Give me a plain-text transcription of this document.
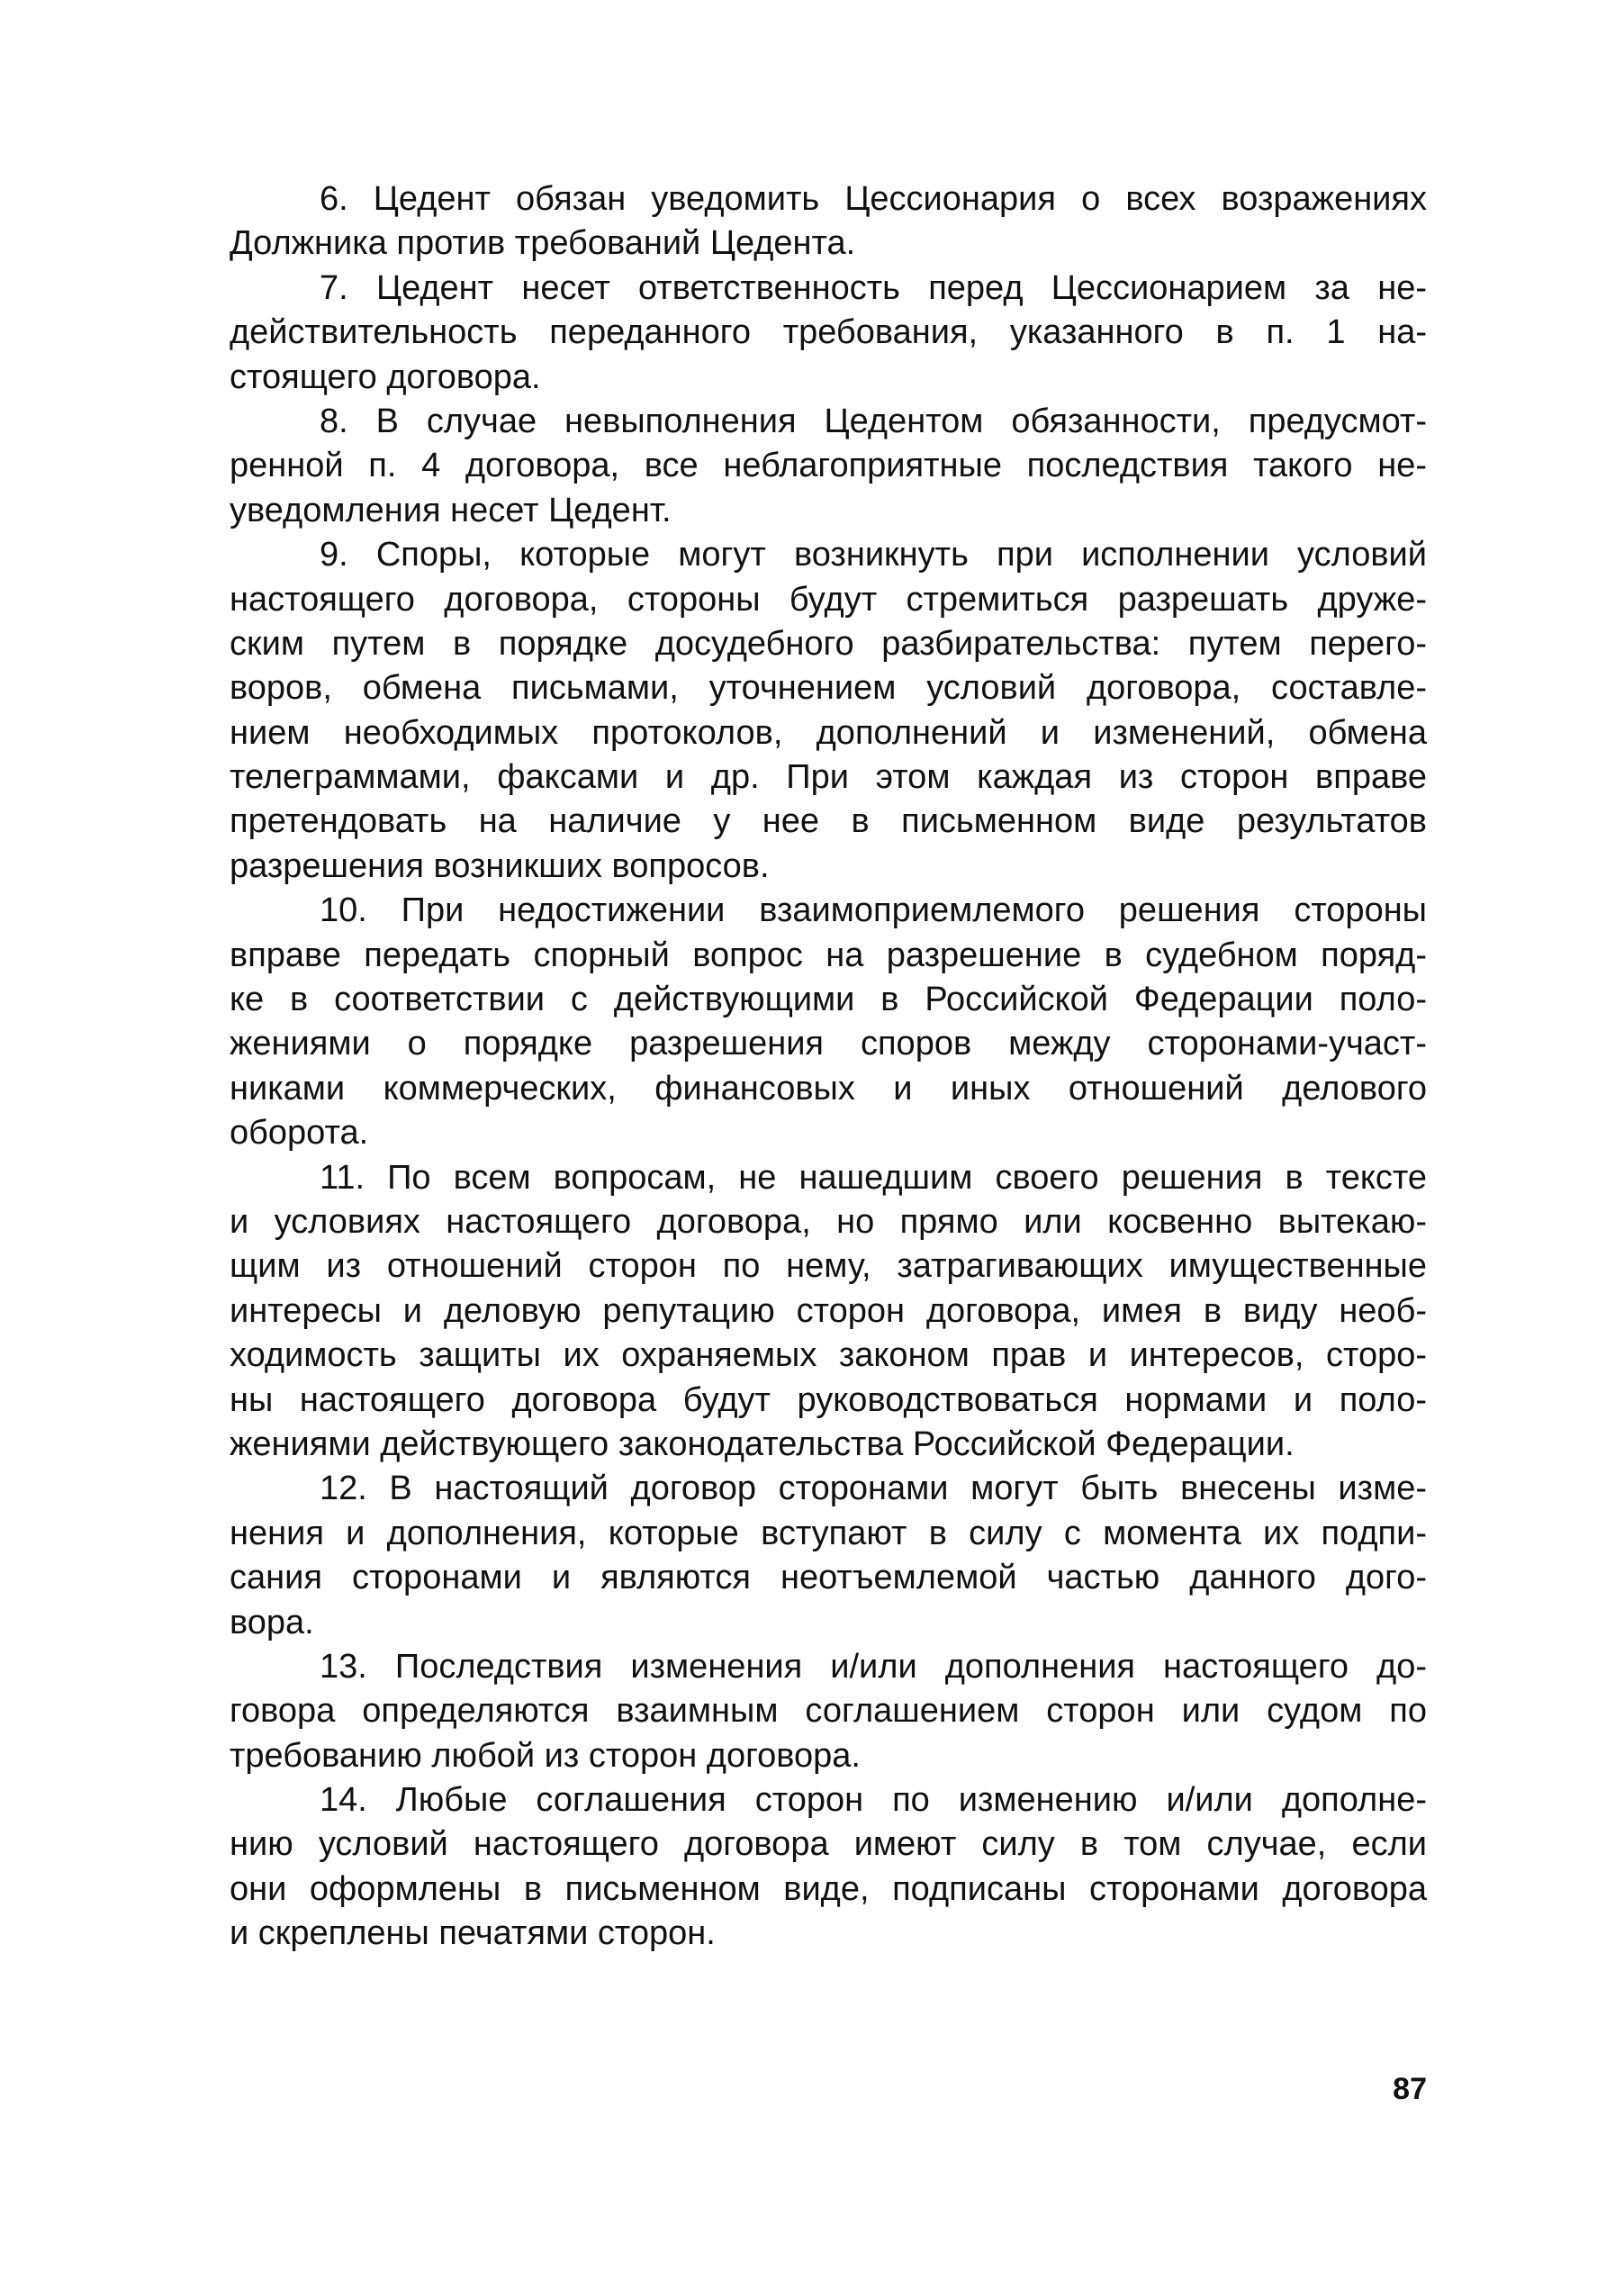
6. Цедент обязан уведомить Цессионария о всех возражениях
Должника против требований Цедента.
7. Цедент несет ответственность перед Цессионарием за не-
действительность переданного требования, указанного в п. 1 на-
стоящего договора.
8. В случае невыполнения Цедентом обязанности, предусмот-
ренной п. 4 договора, все неблагоприятные последствия такого не-
уведомления несет Цедент.
9. Споры, которые могут возникнуть при исполнении условий
настоящего договора, стороны будут стремиться разрешать друже-
ским путем в порядке досудебного разбирательства: путем перего-
воров, обмена письмами, уточнением условий договора, составле-
нием необходимых протоколов, дополнений и изменений, обмена
телеграммами, факсами и др. При этом каждая из сторон вправе
претендовать на наличие у нее в письменном виде результатов
разрешения возникших вопросов.
10. При недостижении взаимоприемлемого решения стороны
вправе передать спорный вопрос на разрешение в судебном поряд-
ке в соответствии с действующими в Российской Федерации поло-
жениями о порядке разрешения споров между сторонами-участ-
никами коммерческих, финансовых и иных отношений делового
оборота.
11. По всем вопросам, не нашедшим своего решения в тексте
и условиях настоящего договора, но прямо или косвенно вытекаю-
щим из отношений сторон по нему, затрагивающих имущественные
интересы и деловую репутацию сторон договора, имея в виду необ-
ходимость защиты их охраняемых законом прав и интересов, сторо-
ны настоящего договора будут руководствоваться нормами и поло-
жениями действующего законодательства Российской Федерации.
12. В настоящий договор сторонами могут быть внесены изме-
нения и дополнения, которые вступают в силу с момента их подпи-
сания сторонами и являются неотъемлемой частью данного дого-
вора.
13. Последствия изменения и/или дополнения настоящего до-
говора определяются взаимным соглашением сторон или судом по
требованию любой из сторон договора.
14. Любые соглашения сторон по изменению и/или дополне-
нию условий настоящего договора имеют силу в том случае, если
они оформлены в письменном виде, подписаны сторонами договора
и скреплены печатями сторон.
87
